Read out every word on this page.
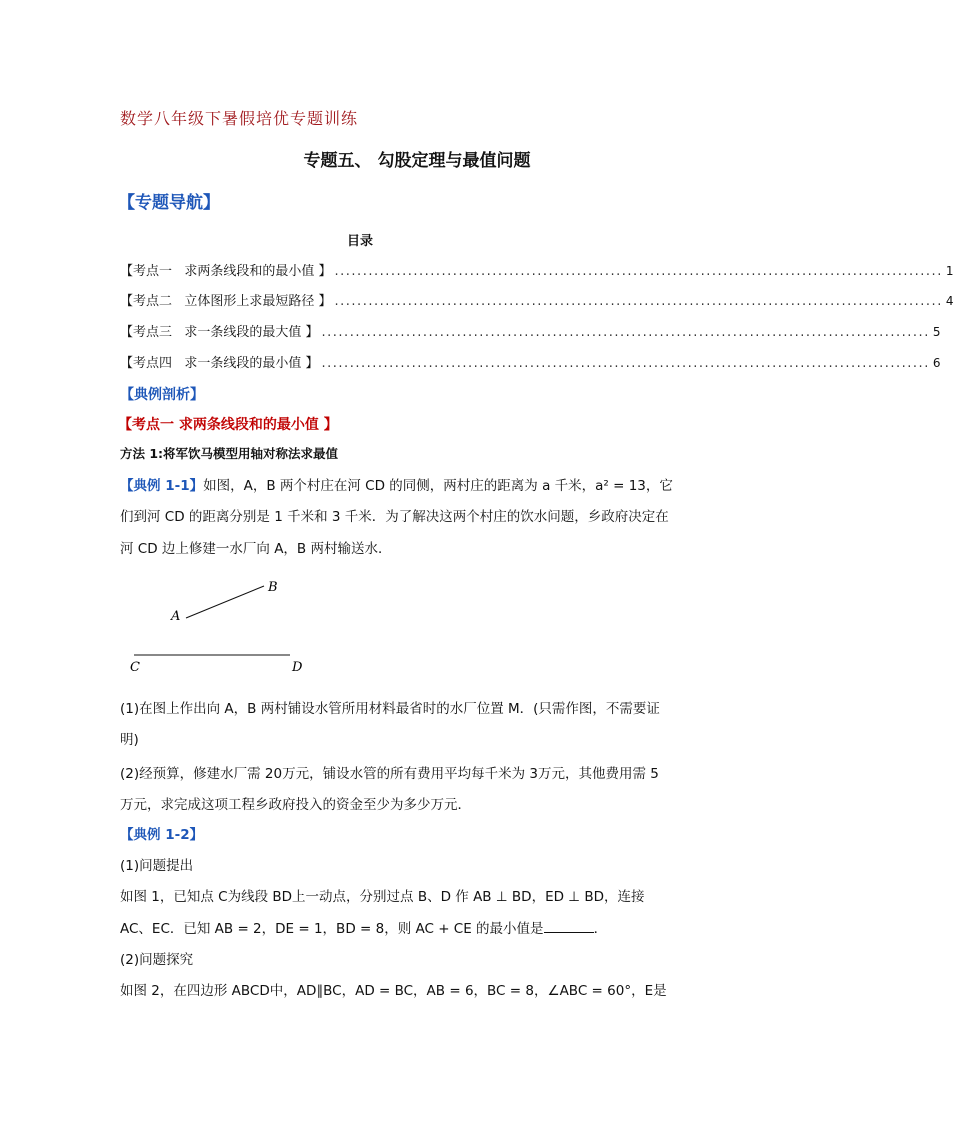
数学八年级下暑假培优专题训练
专题五、 勾股定理与最值问题
【专题导航】
目录
【考点一   求两条线段和的最小值 】 ............................................................................................................ 1
【考点二   立体图形上求最短路径 】 ............................................................................................................ 4
【考点三   求一条线段的最大值 】 ............................................................................................................ 5
【考点四   求一条线段的最小值 】 ............................................................................................................ 6
【典例剖析】
【考点一 求两条线段和的最小值 】
方法 1:将军饮马模型用轴对称法求最值
【典例 1-1】如图，A，B 两个村庄在河 CD 的同侧，两村庄的距离为 a 千米，a² = 13，它
们到河 CD 的距离分别是 1 千米和 3 千米．为了解决这两个村庄的饮水问题，乡政府决定在
河 CD 边上修建一水厂向 A，B 两村输送水．
B
A
C	D
(1)在图上作出向 A，B 两村铺设水管所用材料最省时的水厂位置 M．(只需作图，不需要证
明)
(2)经预算，修建水厂需 20万元，铺设水管的所有费用平均每千米为 3万元，其他费用需 5
万元，求完成这项工程乡政府投入的资金至少为多少万元．
【典例 1-2】
(1)问题提出
如图 1，已知点 C为线段 BD上一动点，分别过点 B、D 作 AB ⊥ BD，ED ⊥ BD，连接
AC、EC．已知 AB = 2，DE = 1，BD = 8，则 AC + CE 的最小值是	．
(2)问题探究
如图 2，在四边形 ABCD中，AD∥BC，AD = BC，AB = 6，BC = 8，∠ABC = 60°，E是
